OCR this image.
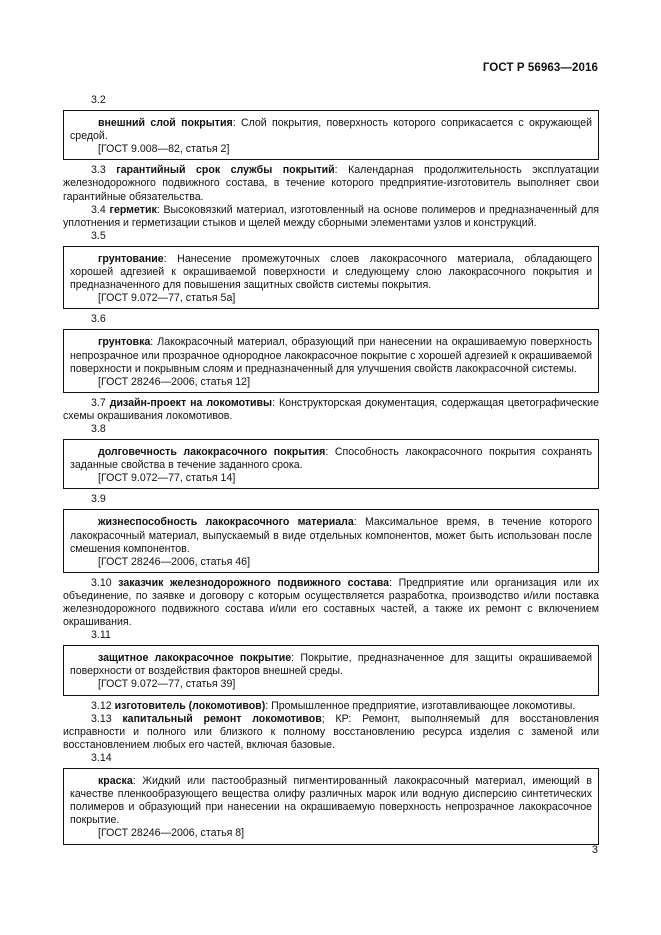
ГОСТ Р 56963—2016
3.2
внешний слой покрытия: Слой покрытия, поверхность которого соприкасается с окружающей средой.
[ГОСТ 9.008—82, статья 2]
3.3 гарантийный срок службы покрытий: Календарная продолжительность эксплуатации железнодорожного подвижного состава, в течение которого предприятие-изготовитель выполняет свои гарантийные обязательства.
3.4 герметик: Высоковязкий материал, изготовленный на основе полимеров и предназначенный для уплотнения и герметизации стыков и щелей между сборными элементами узлов и конструкций.
3.5
грунтование: Нанесение промежуточных слоев лакокрасочного материала, обладающего хорошей адгезией к окрашиваемой поверхности и следующему слою лакокрасочного покрытия и предназначенного для повышения защитных свойств системы покрытия.
[ГОСТ 9.072—77, статья 5а]
3.6
грунтовка: Лакокрасочный материал, образующий при нанесении на окрашиваемую поверхность непрозрачное или прозрачное однородное лакокрасочное покрытие с хорошей адгезией к окрашиваемой поверхности и покрывным слоям и предназначенный для улучшения свойств лакокрасочной системы.
[ГОСТ 28246—2006, статья 12]
3.7 дизайн-проект на локомотивы: Конструкторская документация, содержащая цветографические схемы окрашивания локомотивов.
3.8
долговечность лакокрасочного покрытия: Способность лакокрасочного покрытия сохранять заданные свойства в течение заданного срока.
[ГОСТ 9.072—77, статья 14]
3.9
жизнеспособность лакокрасочного материала: Максимальное время, в течение которого лакокрасочный материал, выпускаемый в виде отдельных компонентов, может быть использован после смешения компонентов.
[ГОСТ 28246—2006, статья 46]
3.10 заказчик железнодорожного подвижного состава: Предприятие или организация или их объединение, по заявке и договору с которым осуществляется разработка, производство и/или поставка железнодорожного подвижного состава и/или его составных частей, а также их ремонт с включением окрашивания.
3.11
защитное лакокрасочное покрытие: Покрытие, предназначенное для защиты окрашиваемой поверхности от воздействия факторов внешней среды.
[ГОСТ 9.072—77, статья 39]
3.12 изготовитель (локомотивов): Промышленное предприятие, изготавливающее локомотивы.
3.13 капитальный ремонт локомотивов; КР: Ремонт, выполняемый для восстановления исправности и полного или близкого к полному восстановлению ресурса изделия с заменой или восстановлением любых его частей, включая базовые.
3.14
краска: Жидкий или пастообразный пигментированный лакокрасочный материал, имеющий в качестве пленкообразующего вещества олифу различных марок или водную дисперсию синтетических полимеров и образующий при нанесении на окрашиваемую поверхность непрозрачное лакокрасочное покрытие.
[ГОСТ 28246—2006, статья 8]
3
